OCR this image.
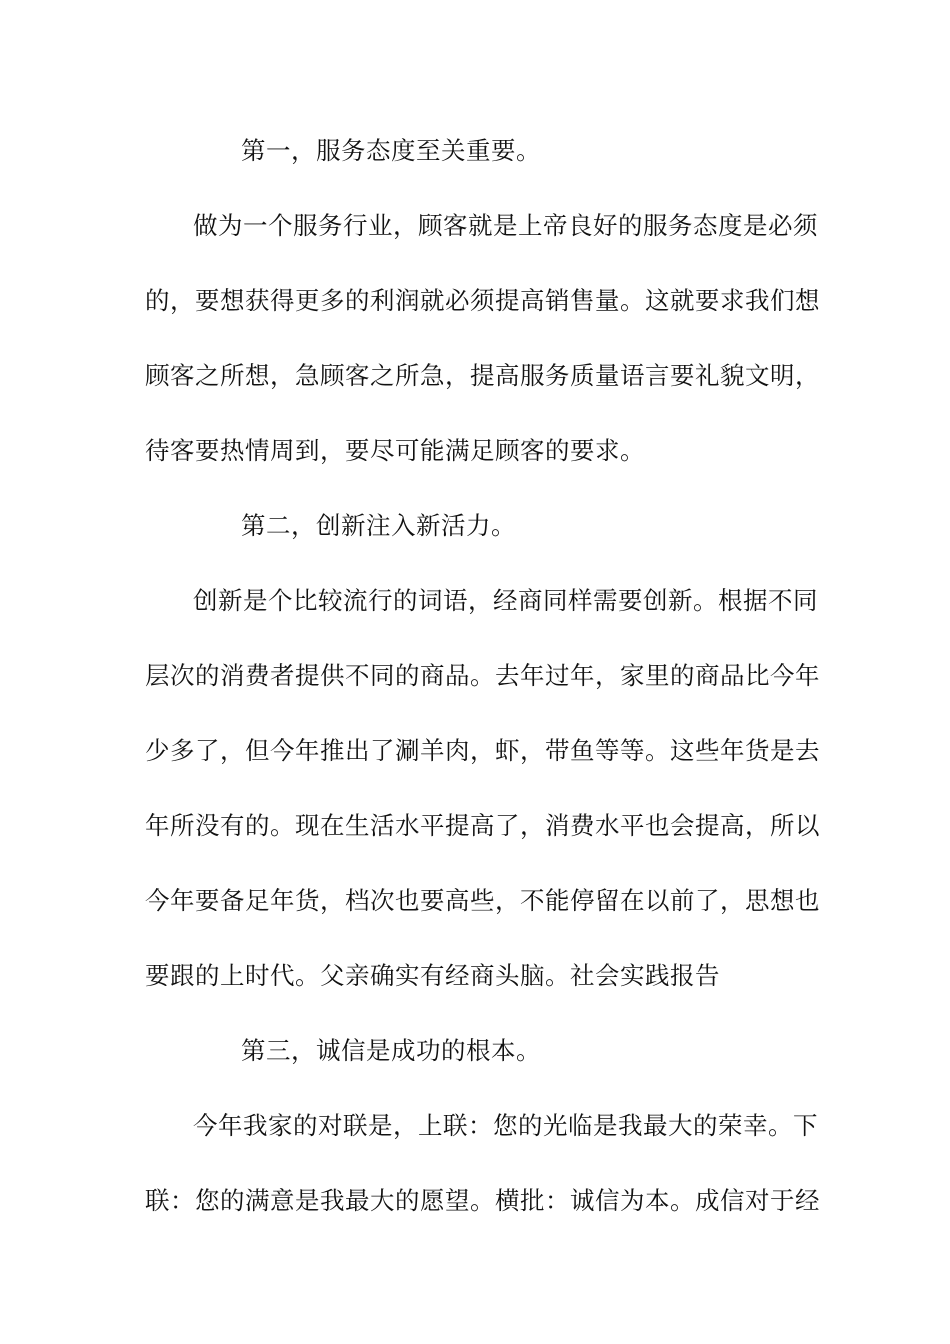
第一，服务态度至关重要。
做为一个服务行业，顾客就是上帝良好的服务态度是必须
的，要想获得更多的利润就必须提高销售量。这就要求我们想
顾客之所想，急顾客之所急，提高服务质量语言要礼貌文明，
待客要热情周到，要尽可能满足顾客的要求。
第二，创新注入新活力。
创新是个比较流行的词语，经商同样需要创新。根据不同
层次的消费者提供不同的商品。去年过年，家里的商品比今年
少多了，但今年推出了涮羊肉，虾，带鱼等等。这些年货是去
年所没有的。现在生活水平提高了，消费水平也会提高，所以
今年要备足年货，档次也要高些，不能停留在以前了，思想也
要跟的上时代。父亲确实有经商头脑。社会实践报告
第三，诚信是成功的根本。
今年我家的对联是，上联：您的光临是我最大的荣幸。下
联：您的满意是我最大的愿望。横批：诚信为本。成信对于经
